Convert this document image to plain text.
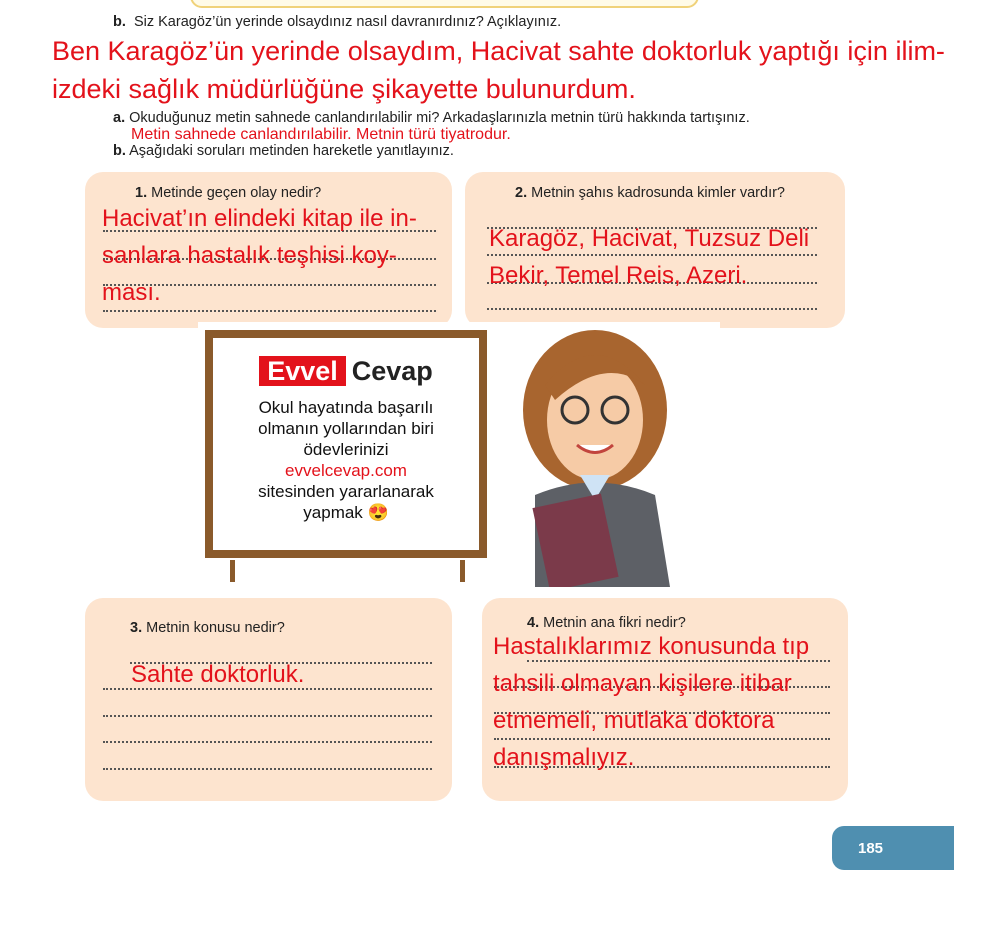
b. Siz Karagöz’ün yerinde olsaydınız nasıl davranırdınız? Açıklayınız.
Ben Karagöz’ün yerinde olsaydım, Hacivat sahte doktorluk yaptığı için ilim-
izdeki sağlık müdürlüğüne şikayette bulunurdum.
a. Okuduğunuz metin sahnede canlandırılabilir mi? Arkadaşlarınızla metnin türü hakkında tartışınız.
Metin sahnede canlandırılabilir. Metnin türü tiyatrodur.
b. Aşağıdaki soruları metinden hareketle yanıtlayınız.
1. Metinde geçen olay nedir?
Hacivat’ın elindeki kitap ile in-
sanlara hastalık teşhisi koy-
ması.
2. Metnin şahıs kadrosunda kimler vardır?
Karagöz, Hacivat, Tuzsuz Deli
Bekir, Temel Reis, Azeri.
Evvel Cevap
Okul hayatında başarılı
olmanın yollarından biri
ödevlerinizi
evvelcevap.com
sitesinden yararlanarak
yapmak 😍
3. Metnin konusu nedir?
Sahte doktorluk.
4. Metnin ana fikri nedir?
Hastalıklarımız konusunda tıp
tahsili olmayan kişilere itibar
etmemeli, mutlaka doktora
danışmalıyız.
185
